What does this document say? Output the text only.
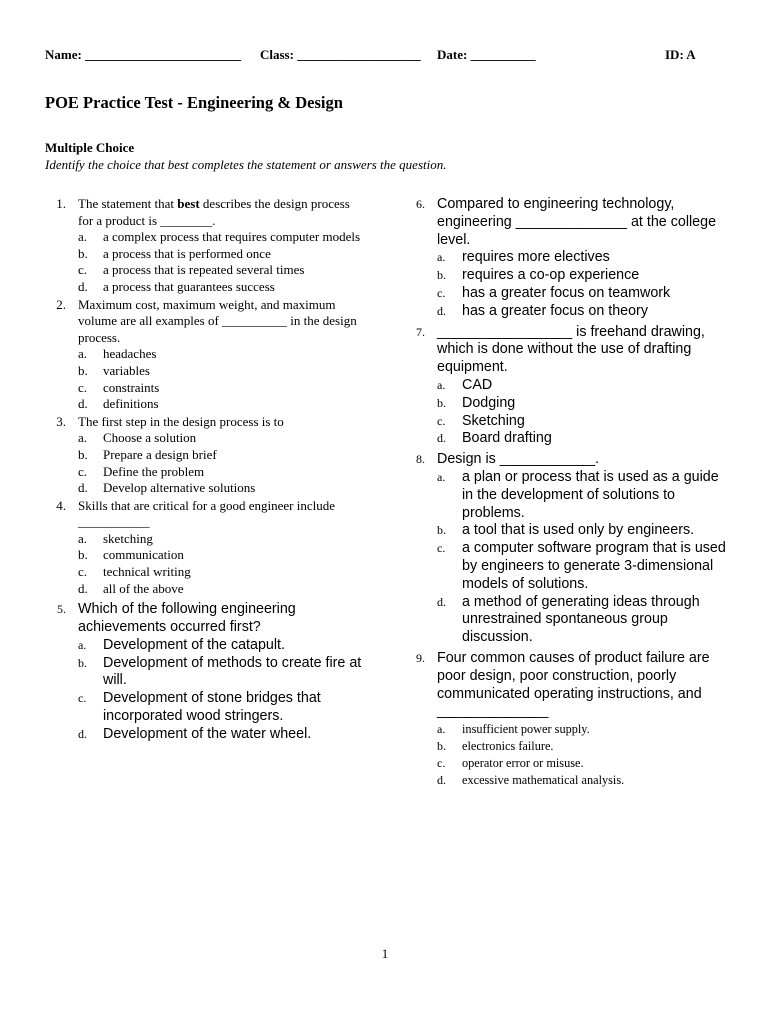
Name: ________________________ Class: ___________________ Date: __________	ID: A
POE Practice Test - Engineering & Design
Multiple Choice
Identify the choice that best completes the statement or answers the question.
1. The statement that best describes the design process for a product is ________.
a. a complex process that requires computer models
b. a process that is performed once
c. a process that is repeated several times
d. a process that guarantees success
2. Maximum cost, maximum weight, and maximum volume are all examples of __________ in the design process.
a. headaches
b. variables
c. constraints
d. definitions
3. The first step in the design process is to
a. Choose a solution
b. Prepare a design brief
c. Define the problem
d. Develop alternative solutions
4. Skills that are critical for a good engineer include ___________
a. sketching
b. communication
c. technical writing
d. all of the above
5. Which of the following engineering achievements occurred first?
a. Development of the catapult.
b. Development of methods to create fire at will.
c. Development of stone bridges that incorporated wood stringers.
d. Development of the water wheel.
6. Compared to engineering technology, engineering ______________ at the college level.
a. requires more electives
b. requires a co-op experience
c. has a greater focus on teamwork
d. has a greater focus on theory
7. _________________ is freehand drawing, which is done without the use of drafting equipment.
a. CAD
b. Dodging
c. Sketching
d. Board drafting
8. Design is ____________.
a. a plan or process that is used as a guide in the development of solutions to problems.
b. a tool that is used only by engineers.
c. a computer software program that is used by engineers to generate 3-dimensional models of solutions.
d. a method of generating ideas through unrestrained spontaneous group discussion.
9. Four common causes of product failure are poor design, poor construction, poorly communicated operating instructions, and ______________
a. insufficient power supply.
b. electronics failure.
c. operator error or misuse.
d. excessive mathematical analysis.
1
